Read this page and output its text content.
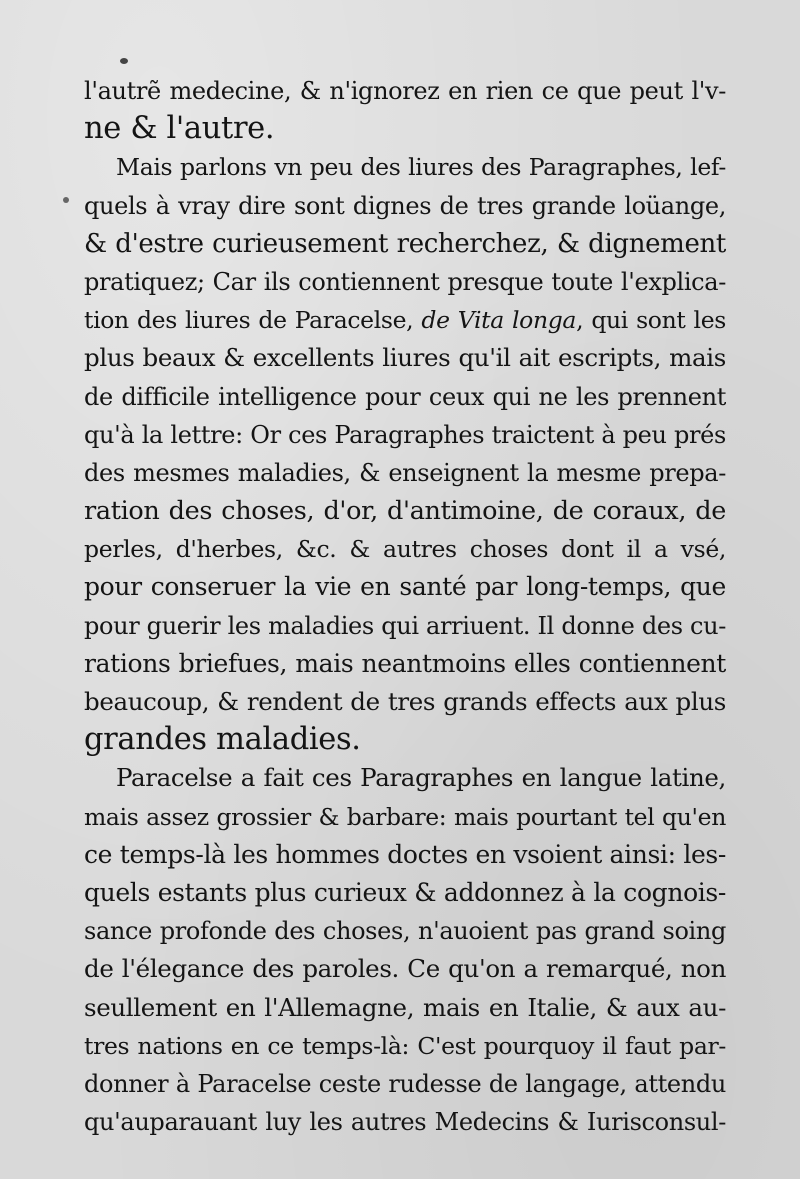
l'autrẽ medecine, & n'ignorez en rien ce que peut l'v-
ne & l'autre.
Mais parlons vn peu des liures des Paragraphes, lef-
quels à vray dire sont dignes de tres grande loüange,
& d'estre curieusement recherchez, & dignement
pratiquez; Car ils contiennent presque toute l'explica-
tion des liures de Paracelse, de Vita longa, qui sont les
plus beaux & excellents liures qu'il ait escripts, mais
de difficile intelligence pour ceux qui ne les prennent
qu'à la lettre: Or ces Paragraphes traictent à peu prés
des mesmes maladies, & enseignent la mesme prepa-
ration des choses, d'or, d'antimoine, de coraux, de
perles, d'herbes, &c. & autres choses dont il a vsé,
pour conseruer la vie en santé par long-temps, que
pour guerir les maladies qui arriuent. Il donne des cu-
rations briefues, mais neantmoins elles contiennent
beaucoup, & rendent de tres grands effects aux plus
grandes maladies.
Paracelse a fait ces Paragraphes en langue latine,
mais assez grossier & barbare: mais pourtant tel qu'en
ce temps-là les hommes doctes en vsoient ainsi: les-
quels estants plus curieux & addonnez à la cognois-
sance profonde des choses, n'auoient pas grand soing
de l'élegance des paroles. Ce qu'on a remarqué, non
seullement en l'Allemagne, mais en Italie, & aux au-
tres nations en ce temps-là: C'est pourquoy il faut par-
donner à Paracelse ceste rudesse de langage, attendu
qu'auparauant luy les autres Medecins & Iurisconsul-
